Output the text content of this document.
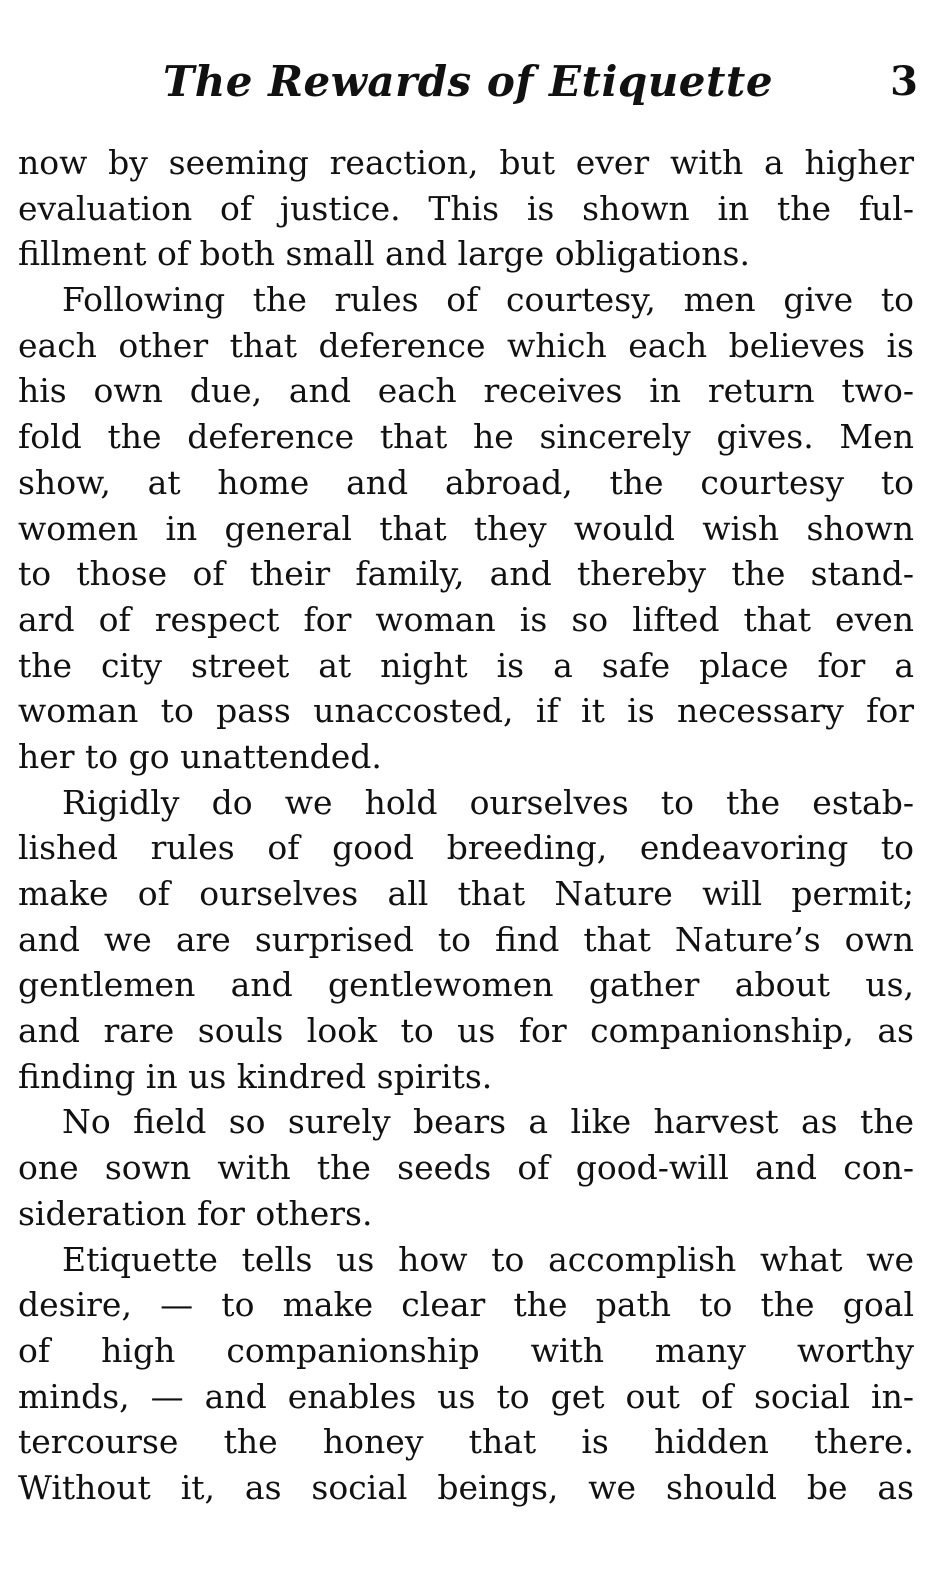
The Rewards of Etiquette	3
now by seeming reaction, but ever with a higher
evaluation of justice. This is shown in the ful-
fillment of both small and large obligations.
Following the rules of courtesy, men give to
each other that deference which each believes is
his own due, and each receives in return two-
fold the deference that he sincerely gives. Men
show, at home and abroad, the courtesy to
women in general that they would wish shown
to those of their family, and thereby the stand-
ard of respect for woman is so lifted that even
the city street at night is a safe place for a
woman to pass unaccosted, if it is necessary for
her to go unattended.
Rigidly do we hold ourselves to the estab-
lished rules of good breeding, endeavoring to
make of ourselves all that Nature will permit;
and we are surprised to find that Nature’s own
gentlemen and gentlewomen gather about us,
and rare souls look to us for companionship, as
finding in us kindred spirits.
No field so surely bears a like harvest as the
one sown with the seeds of good-will and con-
sideration for others.
Etiquette tells us how to accomplish what we
desire, — to make clear the path to the goal
of high companionship with many worthy
minds, — and enables us to get out of social in-
tercourse the honey that is hidden there.
Without it, as social beings, we should be as
